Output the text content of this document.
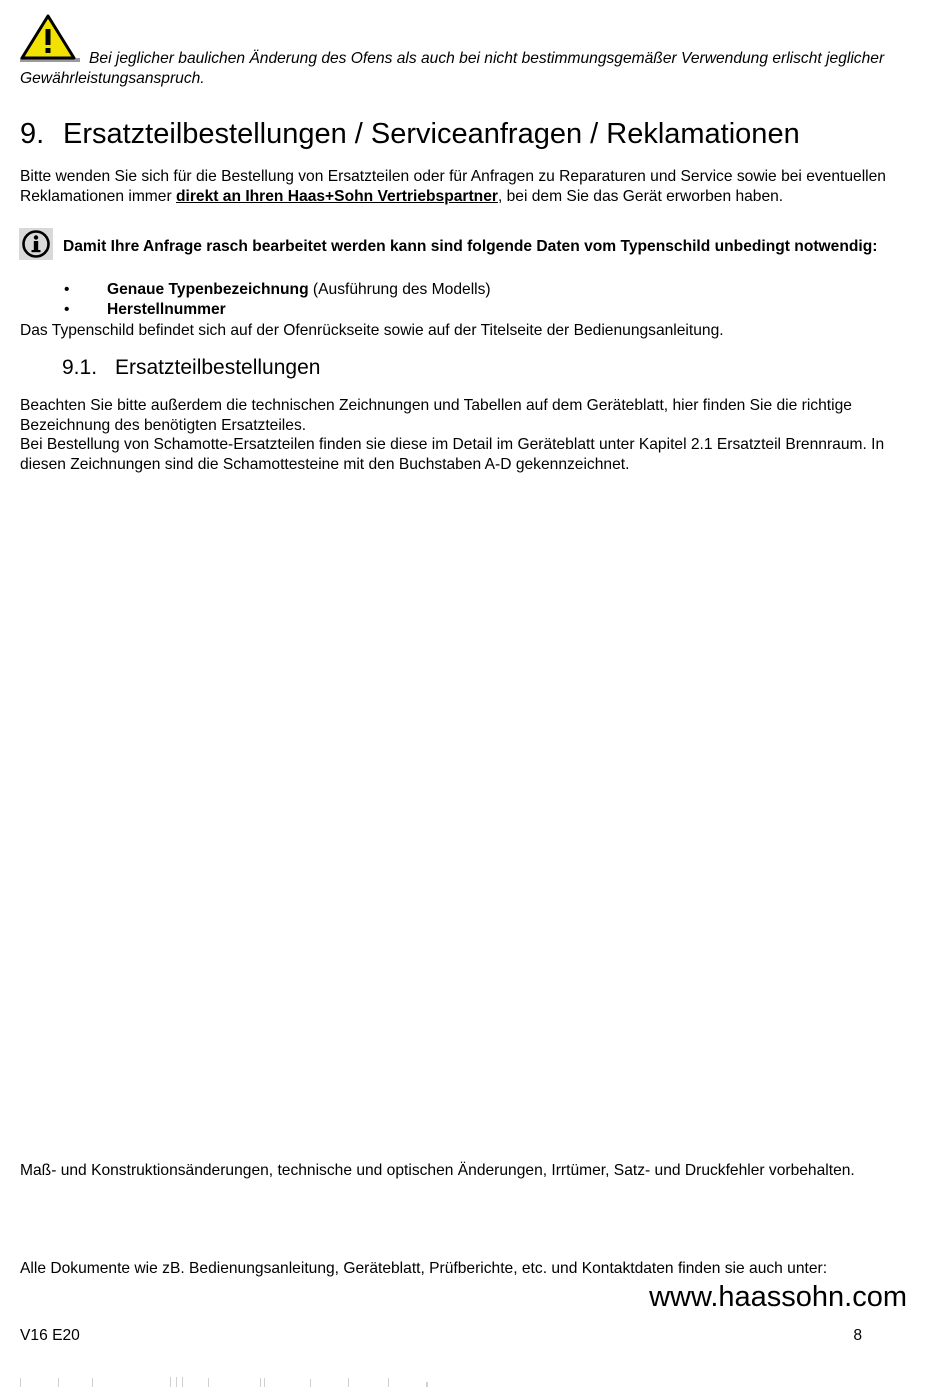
Bei jeglicher baulichen Änderung des Ofens als auch bei nicht bestimmungsgemäßer Verwendung erlischt jeglicher Gewährleistungsanspruch.
9. Ersatzteilbestellungen / Serviceanfragen / Reklamationen
Bitte wenden Sie sich für die Bestellung von Ersatzteilen oder für Anfragen zu Reparaturen und Service sowie bei eventuellen Reklamationen immer direkt an Ihren Haas+Sohn Vertriebspartner, bei dem Sie das Gerät erworben haben.
Damit Ihre Anfrage rasch bearbeitet werden kann sind folgende Daten vom Typenschild unbedingt notwendig:
• Genaue Typenbezeichnung (Ausführung des Modells)
• Herstellnummer
Das Typenschild befindet sich auf der Ofenrückseite sowie auf der Titelseite der Bedienungsanleitung.
9.1. Ersatzteilbestellungen

Beachten Sie bitte außerdem die technischen Zeichnungen und Tabellen auf dem Geräteblatt, hier finden Sie die richtige Bezeichnung des benötigten Ersatzteiles.

Bei Bestellung von Schamotte-Ersatzteilen finden sie diese im Detail im Geräteblatt unter Kapitel 2.1 Ersatzteil Brennraum. In diesen Zeichnungen sind die Schamottesteine mit den Buchstaben A-D gekennzeichnet.

Maß- und Konstruktionsänderungen, technische und optischen Änderungen, Irrtümer, Satz- und Druckfehler vorbehalten.
Alle Dokumente wie zB. Bedienungsanleitung, Geräteblatt, Prüfberichte, etc. und Kontaktdaten finden sie auch unter:
www.haassohn.com
V16 E20	8
